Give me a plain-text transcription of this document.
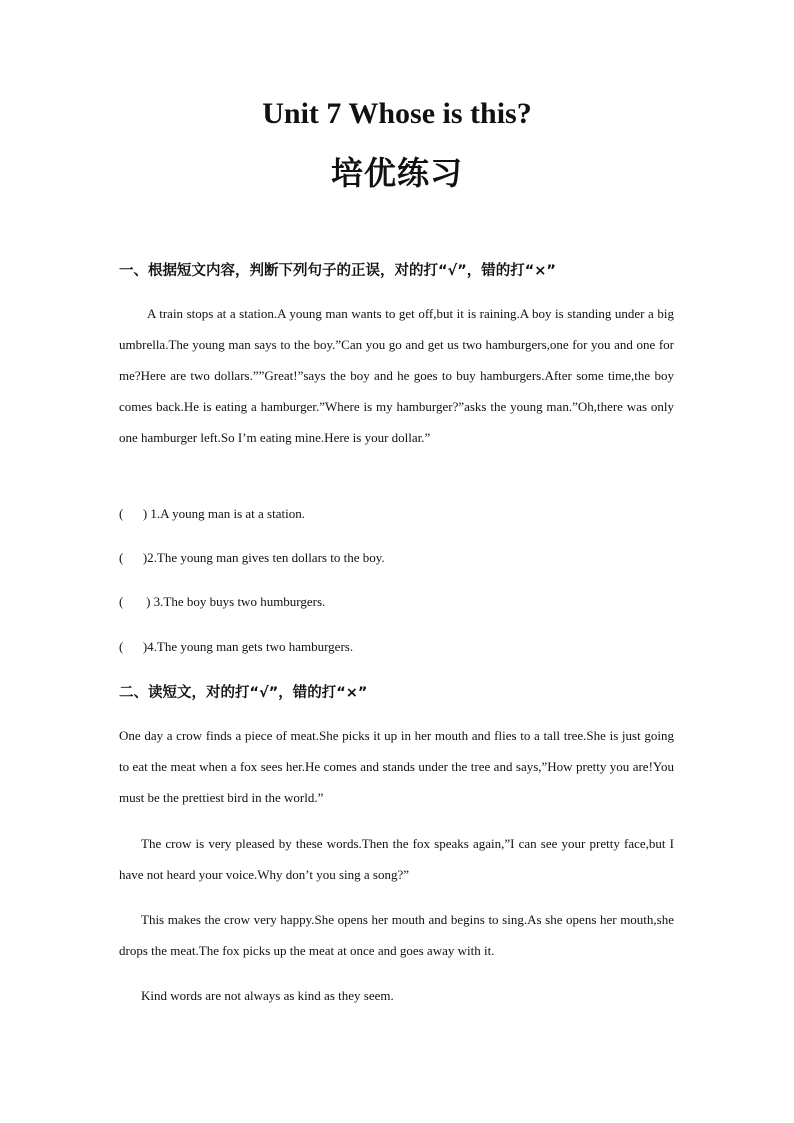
Unit 7 Whose is this?
培优练习

一、根据短文内容，判断下列句子的正误，对的打“√”，错的打“×”

A train stops at a station.A young man wants to get off,but it is raining.A boy is standing under a big umbrella.The young man says to the boy.”Can you go and get us two hamburgers,one for you and one for me?Here are two dollars.””Great!”says the boy and he goes to buy hamburgers.After some time,the boy comes back.He is eating a hamburger.”Where is my hamburger?”asks the young man.”Oh,there was only one hamburger left.So I’m eating mine.Here is your dollar.”

(      ) 1.A young man is at a station.

(      )2.The young man gives ten dollars to the boy.

(       ) 3.The boy buys two humburgers.

(      )4.The young man gets two hamburgers.

二、读短文，对的打“√”，错的打“×”

One day a crow finds a piece of meat.She picks it up in her mouth and flies to a tall tree.She is just going to eat the meat when a fox sees her.He comes and stands under the tree and says,”How pretty you are!You must be the prettiest bird in the world.”

The crow is very pleased by these words.Then the fox speaks again,”I can see your pretty face,but I have not heard your voice.Why don’t you sing a song?”

This makes the crow very happy.She opens her mouth and begins to sing.As she opens her mouth,she drops the meat.The fox picks up the meat at once and goes away with it.

Kind words are not always as kind as they seem.
